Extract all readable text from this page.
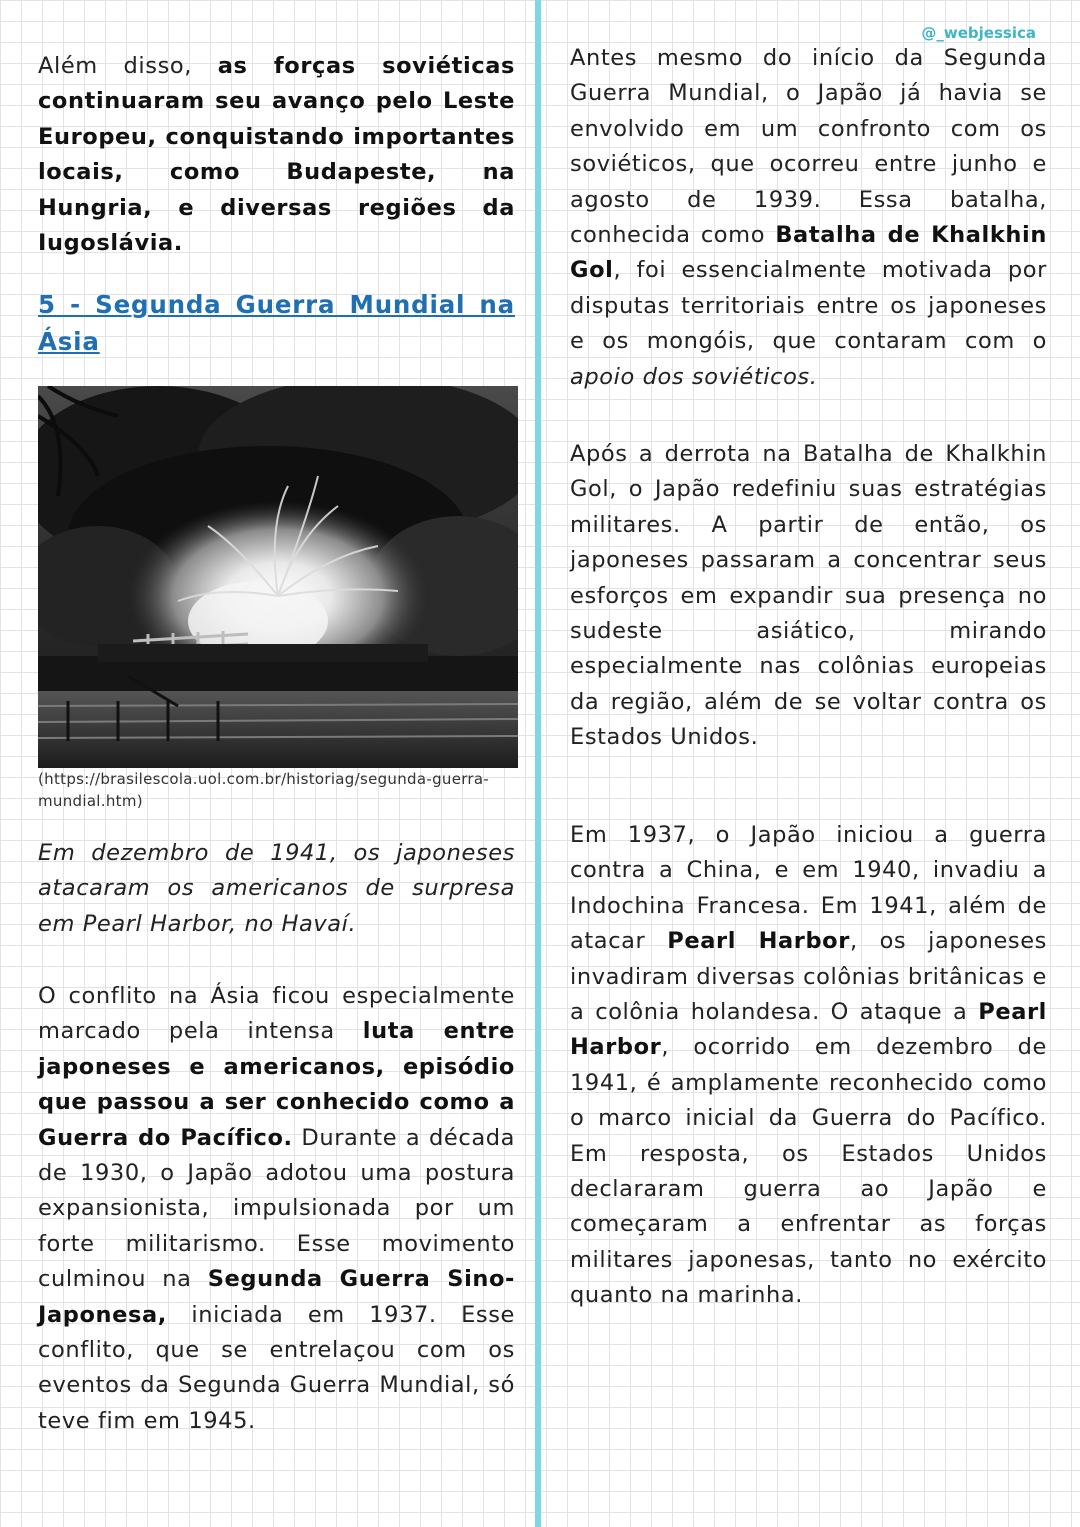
@_webjessica

Além disso, as forças soviéticas continuaram seu avanço pelo Leste Europeu, conquistando importantes locais, como Budapeste, na Hungria, e diversas regiões da Iugoslávia.

5 - Segunda Guerra Mundial na Ásia
(https://brasilescola.uol.com.br/historiag/segunda-guerra-mundial.htm)

Em dezembro de 1941, os japoneses atacaram os americanos de surpresa em Pearl Harbor, no Havaí.

O conflito na Ásia ficou especialmente marcado pela intensa luta entre japoneses e americanos, episódio que passou a ser conhecido como a Guerra do Pacífico. Durante a década de 1930, o Japão adotou uma postura expansionista, impulsionada por um forte militarismo. Esse movimento culminou na Segunda Guerra Sino-Japonesa, iniciada em 1937. Esse conflito, que se entrelaçou com os eventos da Segunda Guerra Mundial, só teve fim em 1945.

Antes mesmo do início da Segunda Guerra Mundial, o Japão já havia se envolvido em um confronto com os soviéticos, que ocorreu entre junho e agosto de 1939. Essa batalha, conhecida como Batalha de Khalkhin Gol, foi essencialmente motivada por disputas territoriais entre os japoneses e os mongóis, que contaram com o apoio dos soviéticos.

Após a derrota na Batalha de Khalkhin Gol, o Japão redefiniu suas estratégias militares. A partir de então, os japoneses passaram a concentrar seus esforços em expandir sua presença no sudeste asiático, mirando especialmente nas colônias europeias da região, além de se voltar contra os Estados Unidos.

Em 1937, o Japão iniciou a guerra contra a China, e em 1940, invadiu a Indochina Francesa. Em 1941, além de atacar Pearl Harbor, os japoneses invadiram diversas colônias britânicas e a colônia holandesa. O ataque a Pearl Harbor, ocorrido em dezembro de 1941, é amplamente reconhecido como o marco inicial da Guerra do Pacífico. Em resposta, os Estados Unidos declararam guerra ao Japão e começaram a enfrentar as forças militares japonesas, tanto no exército quanto na marinha.
